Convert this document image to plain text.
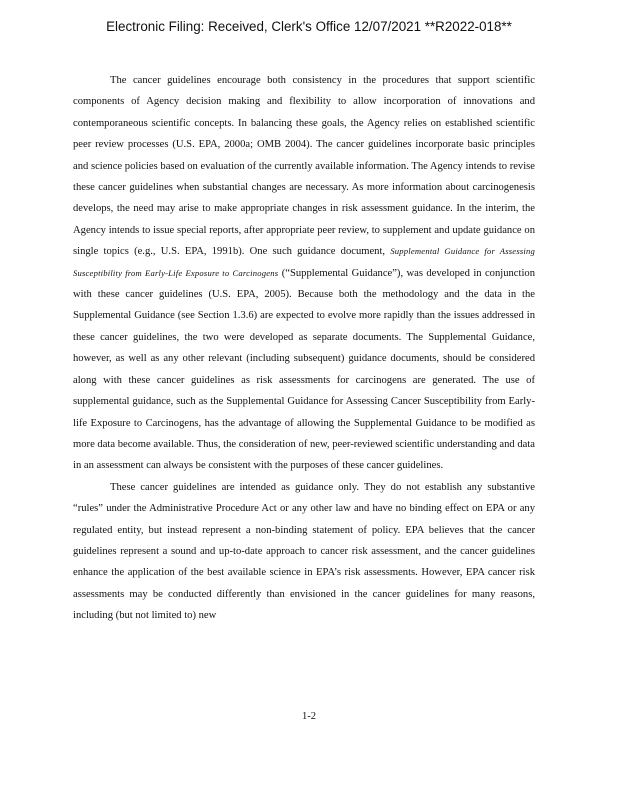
Electronic Filing: Received, Clerk's Office 12/07/2021 **R2022-018**

The cancer guidelines encourage both consistency in the procedures that support scientific components of Agency decision making and flexibility to allow incorporation of innovations and contemporaneous scientific concepts. In balancing these goals, the Agency relies on established scientific peer review processes (U.S. EPA, 2000a; OMB 2004). The cancer guidelines incorporate basic principles and science policies based on evaluation of the currently available information. The Agency intends to revise these cancer guidelines when substantial changes are necessary. As more information about carcinogenesis develops, the need may arise to make appropriate changes in risk assessment guidance. In the interim, the Agency intends to issue special reports, after appropriate peer review, to supplement and update guidance on single topics (e.g., U.S. EPA, 1991b). One such guidance document, Supplemental Guidance for Assessing Susceptibility from Early-Life Exposure to Carcinogens (“Supplemental Guidance”), was developed in conjunction with these cancer guidelines (U.S. EPA, 2005). Because both the methodology and the data in the Supplemental Guidance (see Section 1.3.6) are expected to evolve more rapidly than the issues addressed in these cancer guidelines, the two were developed as separate documents. The Supplemental Guidance, however, as well as any other relevant (including subsequent) guidance documents, should be considered along with these cancer guidelines as risk assessments for carcinogens are generated. The use of supplemental guidance, such as the Supplemental Guidance for Assessing Cancer Susceptibility from Early-life Exposure to Carcinogens, has the advantage of allowing the Supplemental Guidance to be modified as more data become available. Thus, the consideration of new, peer-reviewed scientific understanding and data in an assessment can always be consistent with the purposes of these cancer guidelines.

These cancer guidelines are intended as guidance only. They do not establish any substantive “rules” under the Administrative Procedure Act or any other law and have no binding effect on EPA or any regulated entity, but instead represent a non-binding statement of policy. EPA believes that the cancer guidelines represent a sound and up-to-date approach to cancer risk assessment, and the cancer guidelines enhance the application of the best available science in EPA’s risk assessments. However, EPA cancer risk assessments may be conducted differently than envisioned in the cancer guidelines for many reasons, including (but not limited to) new

1-2
